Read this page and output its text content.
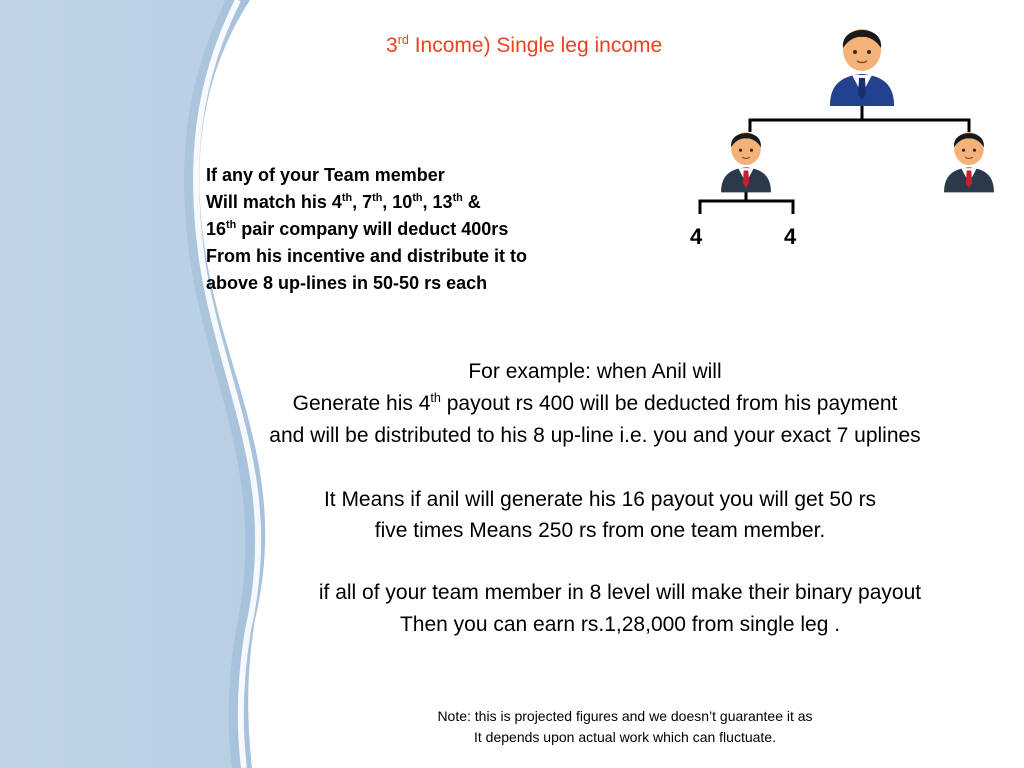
3rd Income) Single leg income
If any of your Team member
Will match his 4th, 7th, 10th, 13th &
16th pair company will deduct 400rs
From his incentive and distribute it to
above 8 up-lines in 50-50 rs each
4	4
For example: when Anil will
Generate his 4th payout rs 400 will be deducted from his payment
and will be distributed to his 8 up-line i.e. you and your exact 7 uplines
It Means if anil will generate his 16 payout you will get 50 rs
five times Means 250 rs from one team member.
if all of your team member in 8 level will make their binary payout
Then you can earn rs.1,28,000 from single leg .
Note: this is projected figures and we doesn’t guarantee it as
It depends upon actual work which can fluctuate.
